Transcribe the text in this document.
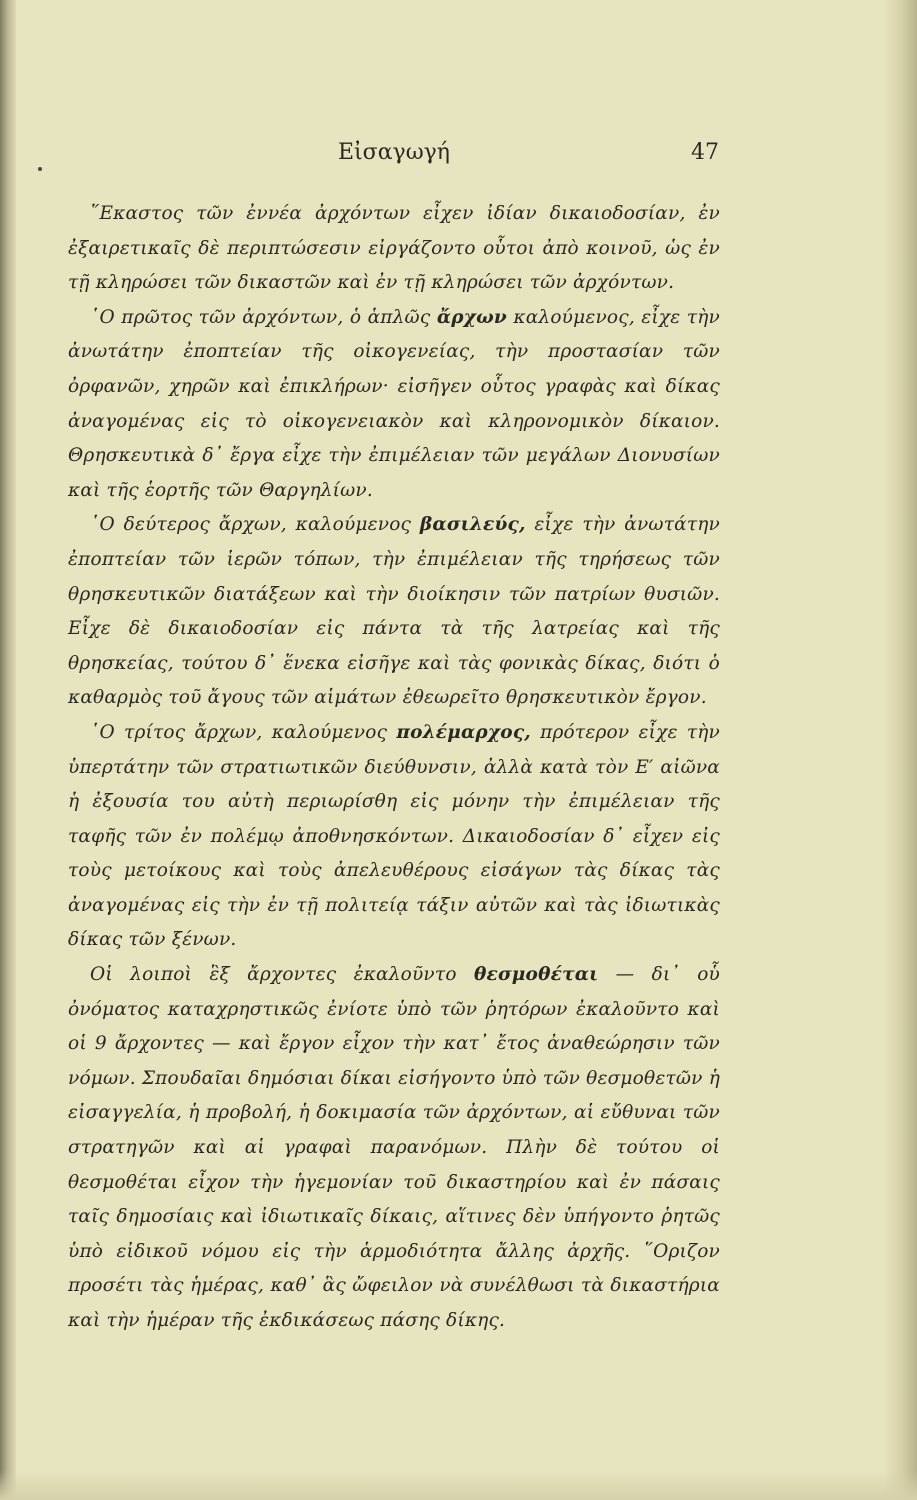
Εἰσαγωγή	47

῞Εκαστος τῶν ἐννέα ἀρχόντων εἶχεν ἰδίαν δικαιοδοσίαν, ἐν ἐξαιρετικαῖς δὲ περιπτώσεσιν εἰργάζοντο οὗτοι ἀπὸ κοινοῦ, ὡς ἐν τῇ κληρώσει τῶν δικαστῶν καὶ ἐν τῇ κληρώσει τῶν ἀρχόντων.

῾Ο πρῶτος τῶν ἀρχόντων, ὁ ἁπλῶς ἄρχων καλούμενος, εἶχε τὴν ἀνωτάτην ἐποπτείαν τῆς οἰκογενείας, τὴν προστασίαν τῶν ὀρφανῶν, χηρῶν καὶ ἐπικλήρων· εἰσῆγεν οὗτος γραφὰς καὶ δίκας ἀναγομένας εἰς τὸ οἰκογενειακὸν καὶ κληρονομικὸν δίκαιον. Θρησκευτικὰ δ᾽ ἔργα εἶχε τὴν ἐπιμέλειαν τῶν μεγάλων Διονυσίων καὶ τῆς ἑορτῆς τῶν Θαργηλίων.

῾Ο δεύτερος ἄρχων, καλούμενος βασιλεύς, εἶχε τὴν ἀνωτάτην ἐποπτείαν τῶν ἱερῶν τόπων, τὴν ἐπιμέλειαν τῆς τηρήσεως τῶν θρησκευτικῶν διατάξεων καὶ τὴν διοίκησιν τῶν πατρίων θυσιῶν. Εἶχε δὲ δικαιοδοσίαν εἰς πάντα τὰ τῆς λατρείας καὶ τῆς θρησκείας, τούτου δ᾽ ἕνεκα εἰσῆγε καὶ τὰς φονικὰς δίκας, διότι ὁ καθαρμὸς τοῦ ἄγους τῶν αἱμάτων ἐθεωρεῖτο θρησκευτικὸν ἔργον.

῾Ο τρίτος ἄρχων, καλούμενος πολέμαρχος, πρότερον εἶχε τὴν ὑπερτάτην τῶν στρατιωτικῶν διεύθυνσιν, ἀλλὰ κατὰ τὸν Ε′ αἰῶνα ἡ ἐξουσία του αὐτὴ περιωρίσθη εἰς μόνην τὴν ἐπιμέλειαν τῆς ταφῆς τῶν ἐν πολέμῳ ἀποθνησκόντων. Δικαιοδοσίαν δ᾽ εἶχεν εἰς τοὺς μετοίκους καὶ τοὺς ἀπελευθέρους εἰσάγων τὰς δίκας τὰς ἀναγομένας εἰς τὴν ἐν τῇ πολιτείᾳ τάξιν αὐτῶν καὶ τὰς ἰδιωτικὰς δίκας τῶν ξένων.

Οἱ λοιποὶ ἓξ ἄρχοντες ἐκαλοῦντο θεσμοθέται — δι᾽ οὗ ὀνόματος καταχρηστικῶς ἐνίοτε ὑπὸ τῶν ῥητόρων ἐκαλοῦντο καὶ οἱ 9 ἄρχοντες — καὶ ἔργον εἶχον τὴν κατ᾽ ἔτος ἀναθεώρησιν τῶν νόμων. Σπουδαῖαι δημόσιαι δίκαι εἰσήγοντο ὑπὸ τῶν θεσμοθετῶν ἡ εἰσαγγελία, ἡ προβολή, ἡ δοκιμασία τῶν ἀρχόντων, αἱ εὔθυναι τῶν στρατηγῶν καὶ αἱ γραφαὶ παρανόμων. Πλὴν δὲ τούτου οἱ θεσμοθέται εἶχον τὴν ἡγεμονίαν τοῦ δικαστηρίου καὶ ἐν πάσαις ταῖς δημοσίαις καὶ ἰδιωτικαῖς δίκαις, αἵτινες δὲν ὑπήγοντο ῥητῶς ὑπὸ εἰδικοῦ νόμου εἰς τὴν ἁρμοδιότητα ἄλλης ἀρχῆς. ῞Οριζον προσέτι τὰς ἡμέρας, καθ᾽ ἃς ὤφειλον νὰ συνέλθωσι τὰ δικαστήρια καὶ τὴν ἡμέραν τῆς ἐκδικάσεως πάσης δίκης.
